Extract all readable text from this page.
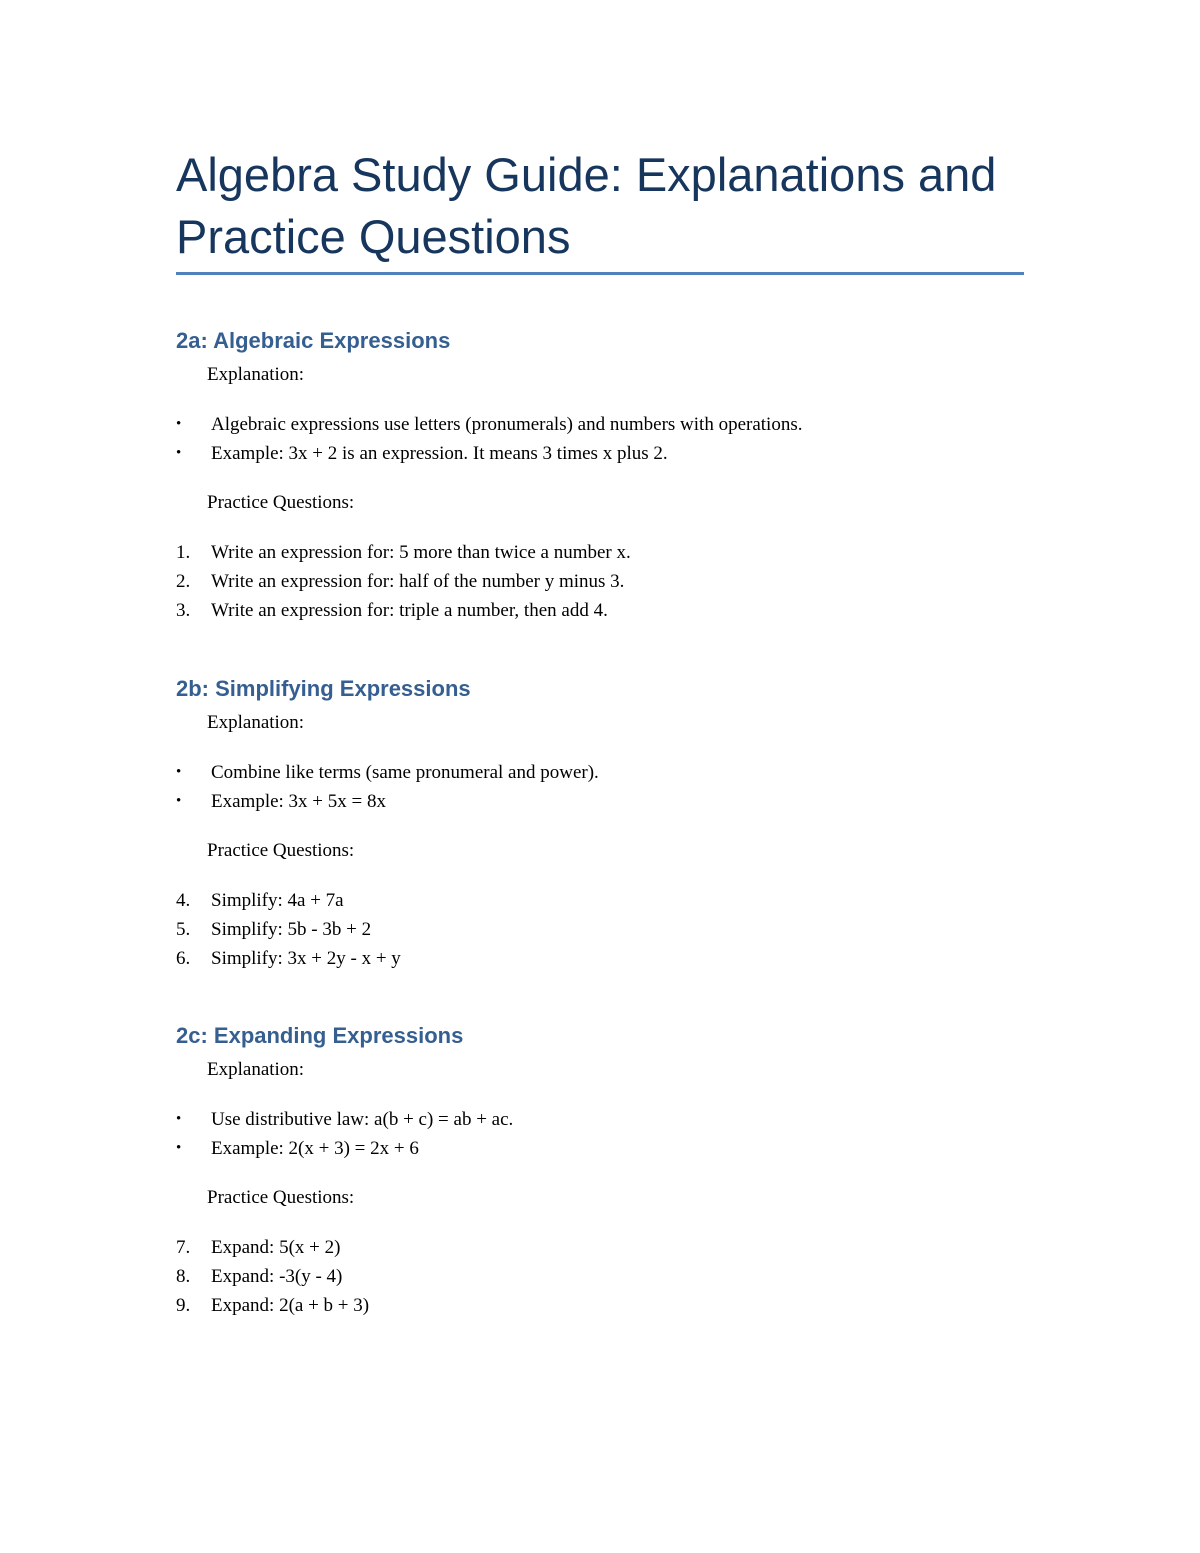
Algebra Study Guide: Explanations and Practice Questions
2a: Algebraic Expressions
Explanation:
•	Algebraic expressions use letters (pronumerals) and numbers with operations.
•	Example: 3x + 2 is an expression. It means 3 times x plus 2.
Practice Questions:
1.	Write an expression for: 5 more than twice a number x.
2.	Write an expression for: half of the number y minus 3.
3.	Write an expression for: triple a number, then add 4.
2b: Simplifying Expressions
Explanation:
•	Combine like terms (same pronumeral and power).
•	Example: 3x + 5x = 8x
Practice Questions:
4.	Simplify: 4a + 7a
5.	Simplify: 5b - 3b + 2
6.	Simplify: 3x + 2y - x + y
2c: Expanding Expressions
Explanation:
•	Use distributive law: a(b + c) = ab + ac.
•	Example: 2(x + 3) = 2x + 6
Practice Questions:
7.	Expand: 5(x + 2)
8.	Expand: -3(y - 4)
9.	Expand: 2(a + b + 3)
